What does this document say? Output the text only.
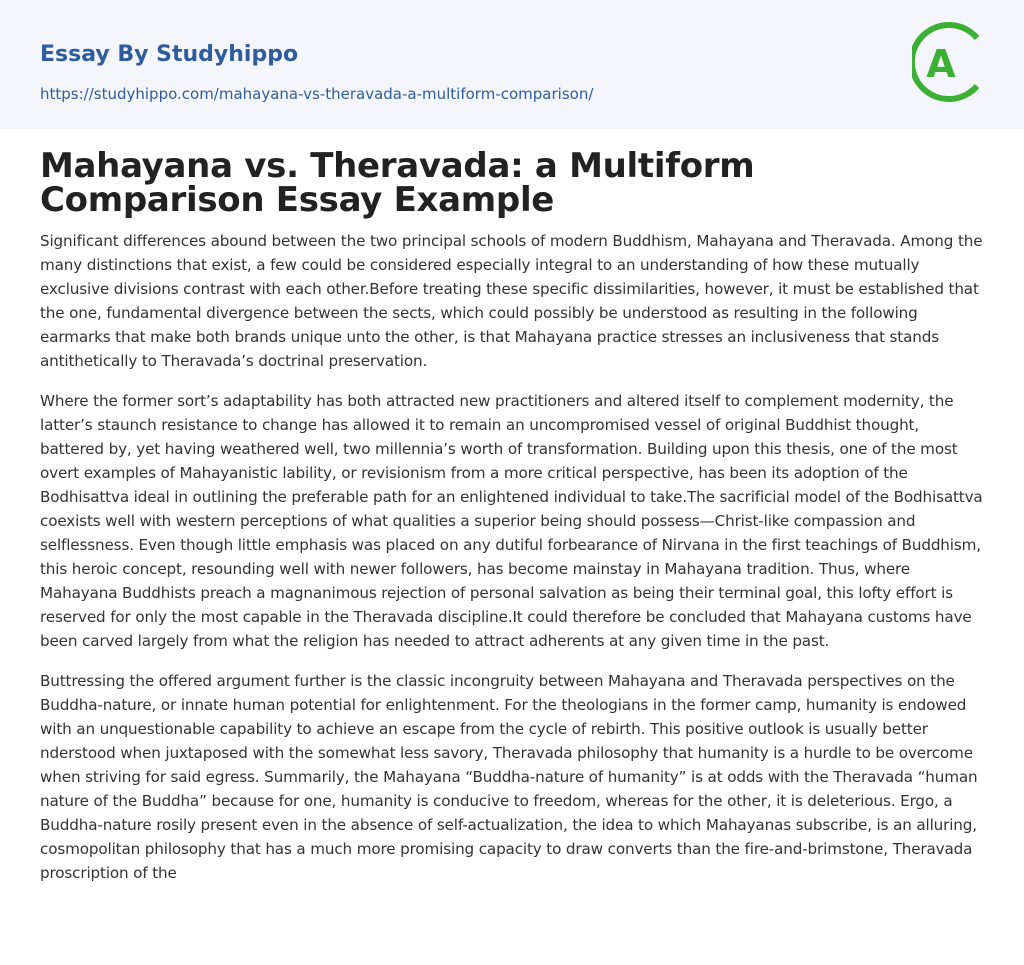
Essay By Studyhippo
https://studyhippo.com/mahayana-vs-theravada-a-multiform-comparison/
A
Mahayana vs. Theravada: a Multiform Comparison Essay Example

Significant differences abound between the two principal schools of modern Buddhism, Mahayana and Theravada. Among the many distinctions that exist, a few could be considered especially integral to an understanding of how these mutually exclusive divisions contrast with each other.Before treating these specific dissimilarities, however, it must be established that the one, fundamental divergence between the sects, which could possibly be understood as resulting in the following earmarks that make both brands unique unto the other, is that Mahayana practice stresses an inclusiveness that stands antithetically to Theravada’s doctrinal preservation.

Where the former sort’s adaptability has both attracted new practitioners and altered itself to complement modernity, the latter’s staunch resistance to change has allowed it to remain an uncompromised vessel of original Buddhist thought, battered by, yet having weathered well, two millennia’s worth of transformation. Building upon this thesis, one of the most overt examples of Mahayanistic lability, or revisionism from a more critical perspective, has been its adoption of the Bodhisattva ideal in outlining the preferable path for an enlightened individual to take.The sacrificial model of the Bodhisattva coexists well with western perceptions of what qualities a superior being should possess—Christ-like compassion and selflessness. Even though little emphasis was placed on any dutiful forbearance of Nirvana in the first teachings of Buddhism, this heroic concept, resounding well with newer followers, has become mainstay in Mahayana tradition. Thus, where Mahayana Buddhists preach a magnanimous rejection of personal salvation as being their terminal goal, this lofty effort is reserved for only the most capable in the Theravada discipline.It could therefore be concluded that Mahayana customs have been carved largely from what the religion has needed to attract adherents at any given time in the past.

Buttressing the offered argument further is the classic incongruity between Mahayana and Theravada perspectives on the Buddha-nature, or innate human potential for enlightenment. For the theologians in the former camp, humanity is endowed with an unquestionable capability to achieve an escape from the cycle of rebirth. This positive outlook is usually better nderstood when juxtaposed with the somewhat less savory, Theravada philosophy that humanity is a hurdle to be overcome when striving for said egress. Summarily, the Mahayana “Buddha-nature of humanity” is at odds with the Theravada “human nature of the Buddha” because for one, humanity is conducive to freedom, whereas for the other, it is deleterious. Ergo, a Buddha-nature rosily present even in the absence of self-actualization, the idea to which Mahayanas subscribe, is an alluring, cosmopolitan philosophy that has a much more promising capacity to draw converts than the fire-and-brimstone, Theravada proscription of the
